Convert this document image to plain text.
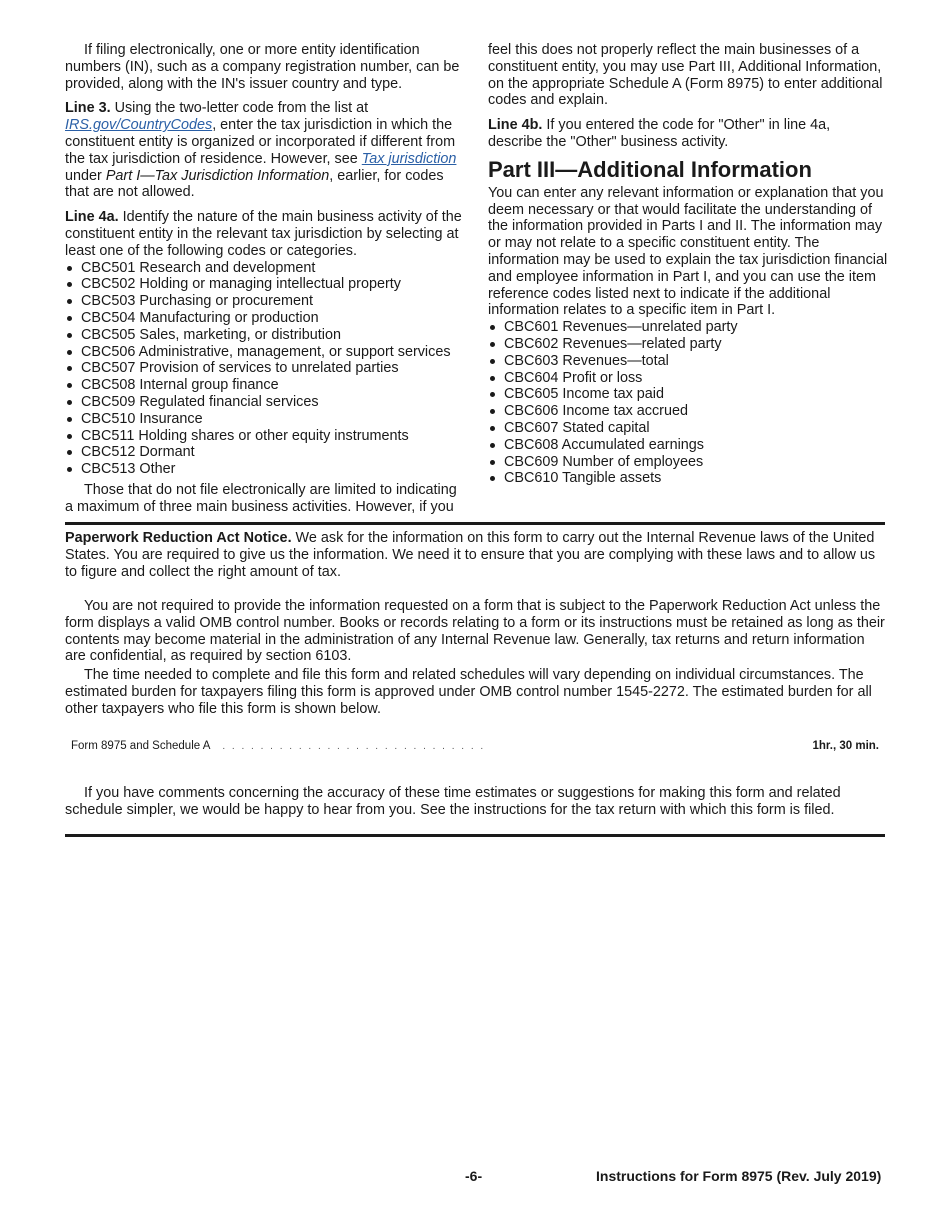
If filing electronically, one or more entity identification numbers (IN), such as a company registration number, can be provided, along with the IN's issuer country and type.

Line 3. Using the two-letter code from the list at IRS.gov/CountryCodes, enter the tax jurisdiction in which the constituent entity is organized or incorporated if different from the tax jurisdiction of residence. However, see Tax jurisdiction under Part I—Tax Jurisdiction Information, earlier, for codes that are not allowed.

Line 4a. Identify the nature of the main business activity of the constituent entity in the relevant tax jurisdiction by selecting at least one of the following codes or categories.

CBC501 Research and development
CBC502 Holding or managing intellectual property
CBC503 Purchasing or procurement
CBC504 Manufacturing or production
CBC505 Sales, marketing, or distribution
CBC506 Administrative, management, or support services
CBC507 Provision of services to unrelated parties
CBC508 Internal group finance
CBC509 Regulated financial services
CBC510 Insurance
CBC511 Holding shares or other equity instruments
CBC512 Dormant
CBC513 Other

Those that do not file electronically are limited to indicating a maximum of three main business activities. However, if you

feel this does not properly reflect the main businesses of a constituent entity, you may use Part III, Additional Information, on the appropriate Schedule A (Form 8975) to enter additional codes and explain.

Line 4b. If you entered the code for "Other" in line 4a, describe the "Other" business activity.

Part III—Additional Information

You can enter any relevant information or explanation that you deem necessary or that would facilitate the understanding of the information provided in Parts I and II. The information may or may not relate to a specific constituent entity. The information may be used to explain the tax jurisdiction financial and employee information in Part I, and you can use the item reference codes listed next to indicate if the additional information relates to a specific item in Part I.

CBC601 Revenues—unrelated party
CBC602 Revenues—related party
CBC603 Revenues—total
CBC604 Profit or loss
CBC605 Income tax paid
CBC606 Income tax accrued
CBC607 Stated capital
CBC608 Accumulated earnings
CBC609 Number of employees
CBC610 Tangible assets

Paperwork Reduction Act Notice. We ask for the information on this form to carry out the Internal Revenue laws of the United States. You are required to give us the information. We need it to ensure that you are complying with these laws and to allow us to figure and collect the right amount of tax.

You are not required to provide the information requested on a form that is subject to the Paperwork Reduction Act unless the form displays a valid OMB control number. Books or records relating to a form or its instructions must be retained as long as their contents may become material in the administration of any Internal Revenue law. Generally, tax returns and return information are confidential, as required by section 6103.

The time needed to complete and file this form and related schedules will vary depending on individual circumstances. The estimated burden for taxpayers filing this form is approved under OMB control number 1545-2272. The estimated burden for all other taxpayers who file this form is shown below.

Form 8975 and Schedule A . . . . . . . . . . . . . . . . . . . . . . . . . . . .	1hr., 30 min.

If you have comments concerning the accuracy of these time estimates or suggestions for making this form and related schedule simpler, we would be happy to hear from you. See the instructions for the tax return with which this form is filed.

-6-	Instructions for Form 8975 (Rev. July 2019)
